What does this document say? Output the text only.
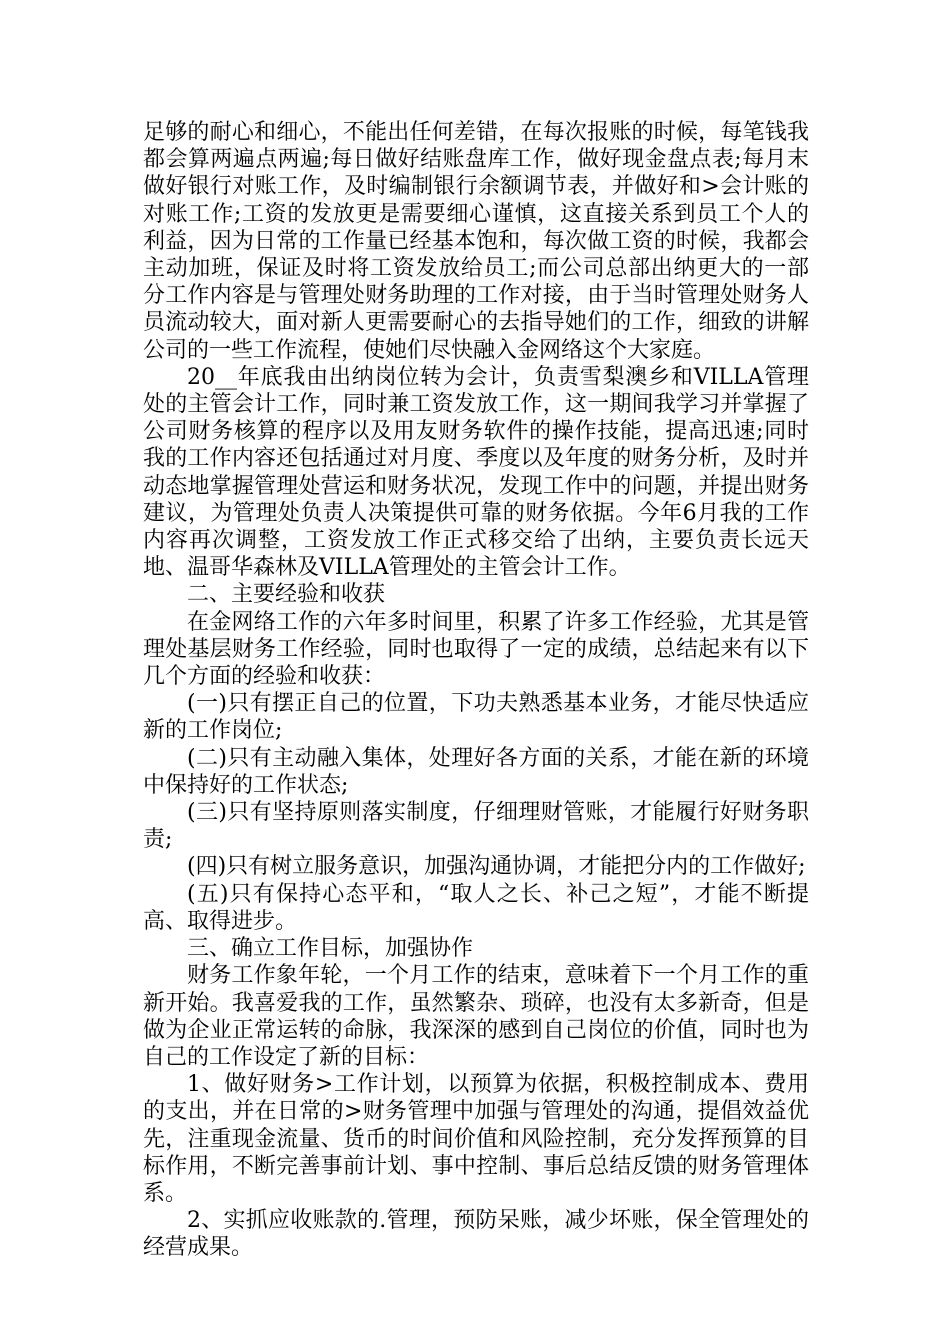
足够的耐心和细心，不能出任何差错，在每次报账的时候，每笔钱我都会算两遍点两遍;每日做好结账盘库工作，做好现金盘点表;每月末做好银行对账工作，及时编制银行余额调节表，并做好和>会计账的对账工作;工资的发放更是需要细心谨慎，这直接关系到员工个人的利益，因为日常的工作量已经基本饱和，每次做工资的时候，我都会主动加班，保证及时将工资发放给员工;而公司总部出纳更大的一部分工作内容是与管理处财务助理的工作对接，由于当时管理处财务人员流动较大，面对新人更需要耐心的去指导她们的工作，细致的讲解公司的一些工作流程，使她们尽快融入金网络这个大家庭。

20__年底我由出纳岗位转为会计，负责雪梨澳乡和VILLA管理处的主管会计工作，同时兼工资发放工作，这一期间我学习并掌握了公司财务核算的程序以及用友财务软件的操作技能，提高迅速;同时我的工作内容还包括通过对月度、季度以及年度的财务分析，及时并动态地掌握管理处营运和财务状况，发现工作中的问题，并提出财务建议，为管理处负责人决策提供可靠的财务依据。今年6月我的工作内容再次调整，工资发放工作正式移交给了出纳，主要负责长远天地、温哥华森林及VILLA管理处的主管会计工作。

二、主要经验和收获

在金网络工作的六年多时间里，积累了许多工作经验，尤其是管理处基层财务工作经验，同时也取得了一定的成绩，总结起来有以下几个方面的经验和收获：

(一)只有摆正自己的位置，下功夫熟悉基本业务，才能尽快适应新的工作岗位;

(二)只有主动融入集体，处理好各方面的关系，才能在新的环境中保持好的工作状态;

(三)只有坚持原则落实制度，仔细理财管账，才能履行好财务职责;

(四)只有树立服务意识，加强沟通协调，才能把分内的工作做好;

(五)只有保持心态平和，“取人之长、补己之短”，才能不断提高、取得进步。

三、确立工作目标，加强协作

财务工作象年轮，一个月工作的结束，意味着下一个月工作的重新开始。我喜爱我的工作，虽然繁杂、琐碎，也没有太多新奇，但是做为企业正常运转的命脉，我深深的感到自己岗位的价值，同时也为自己的工作设定了新的目标：

1、做好财务>工作计划，以预算为依据，积极控制成本、费用的支出，并在日常的>财务管理中加强与管理处的沟通，提倡效益优先，注重现金流量、货币的时间价值和风险控制，充分发挥预算的目标作用，不断完善事前计划、事中控制、事后总结反馈的财务管理体系。

2、实抓应收账款的.管理，预防呆账，减少坏账，保全管理处的经营成果。
